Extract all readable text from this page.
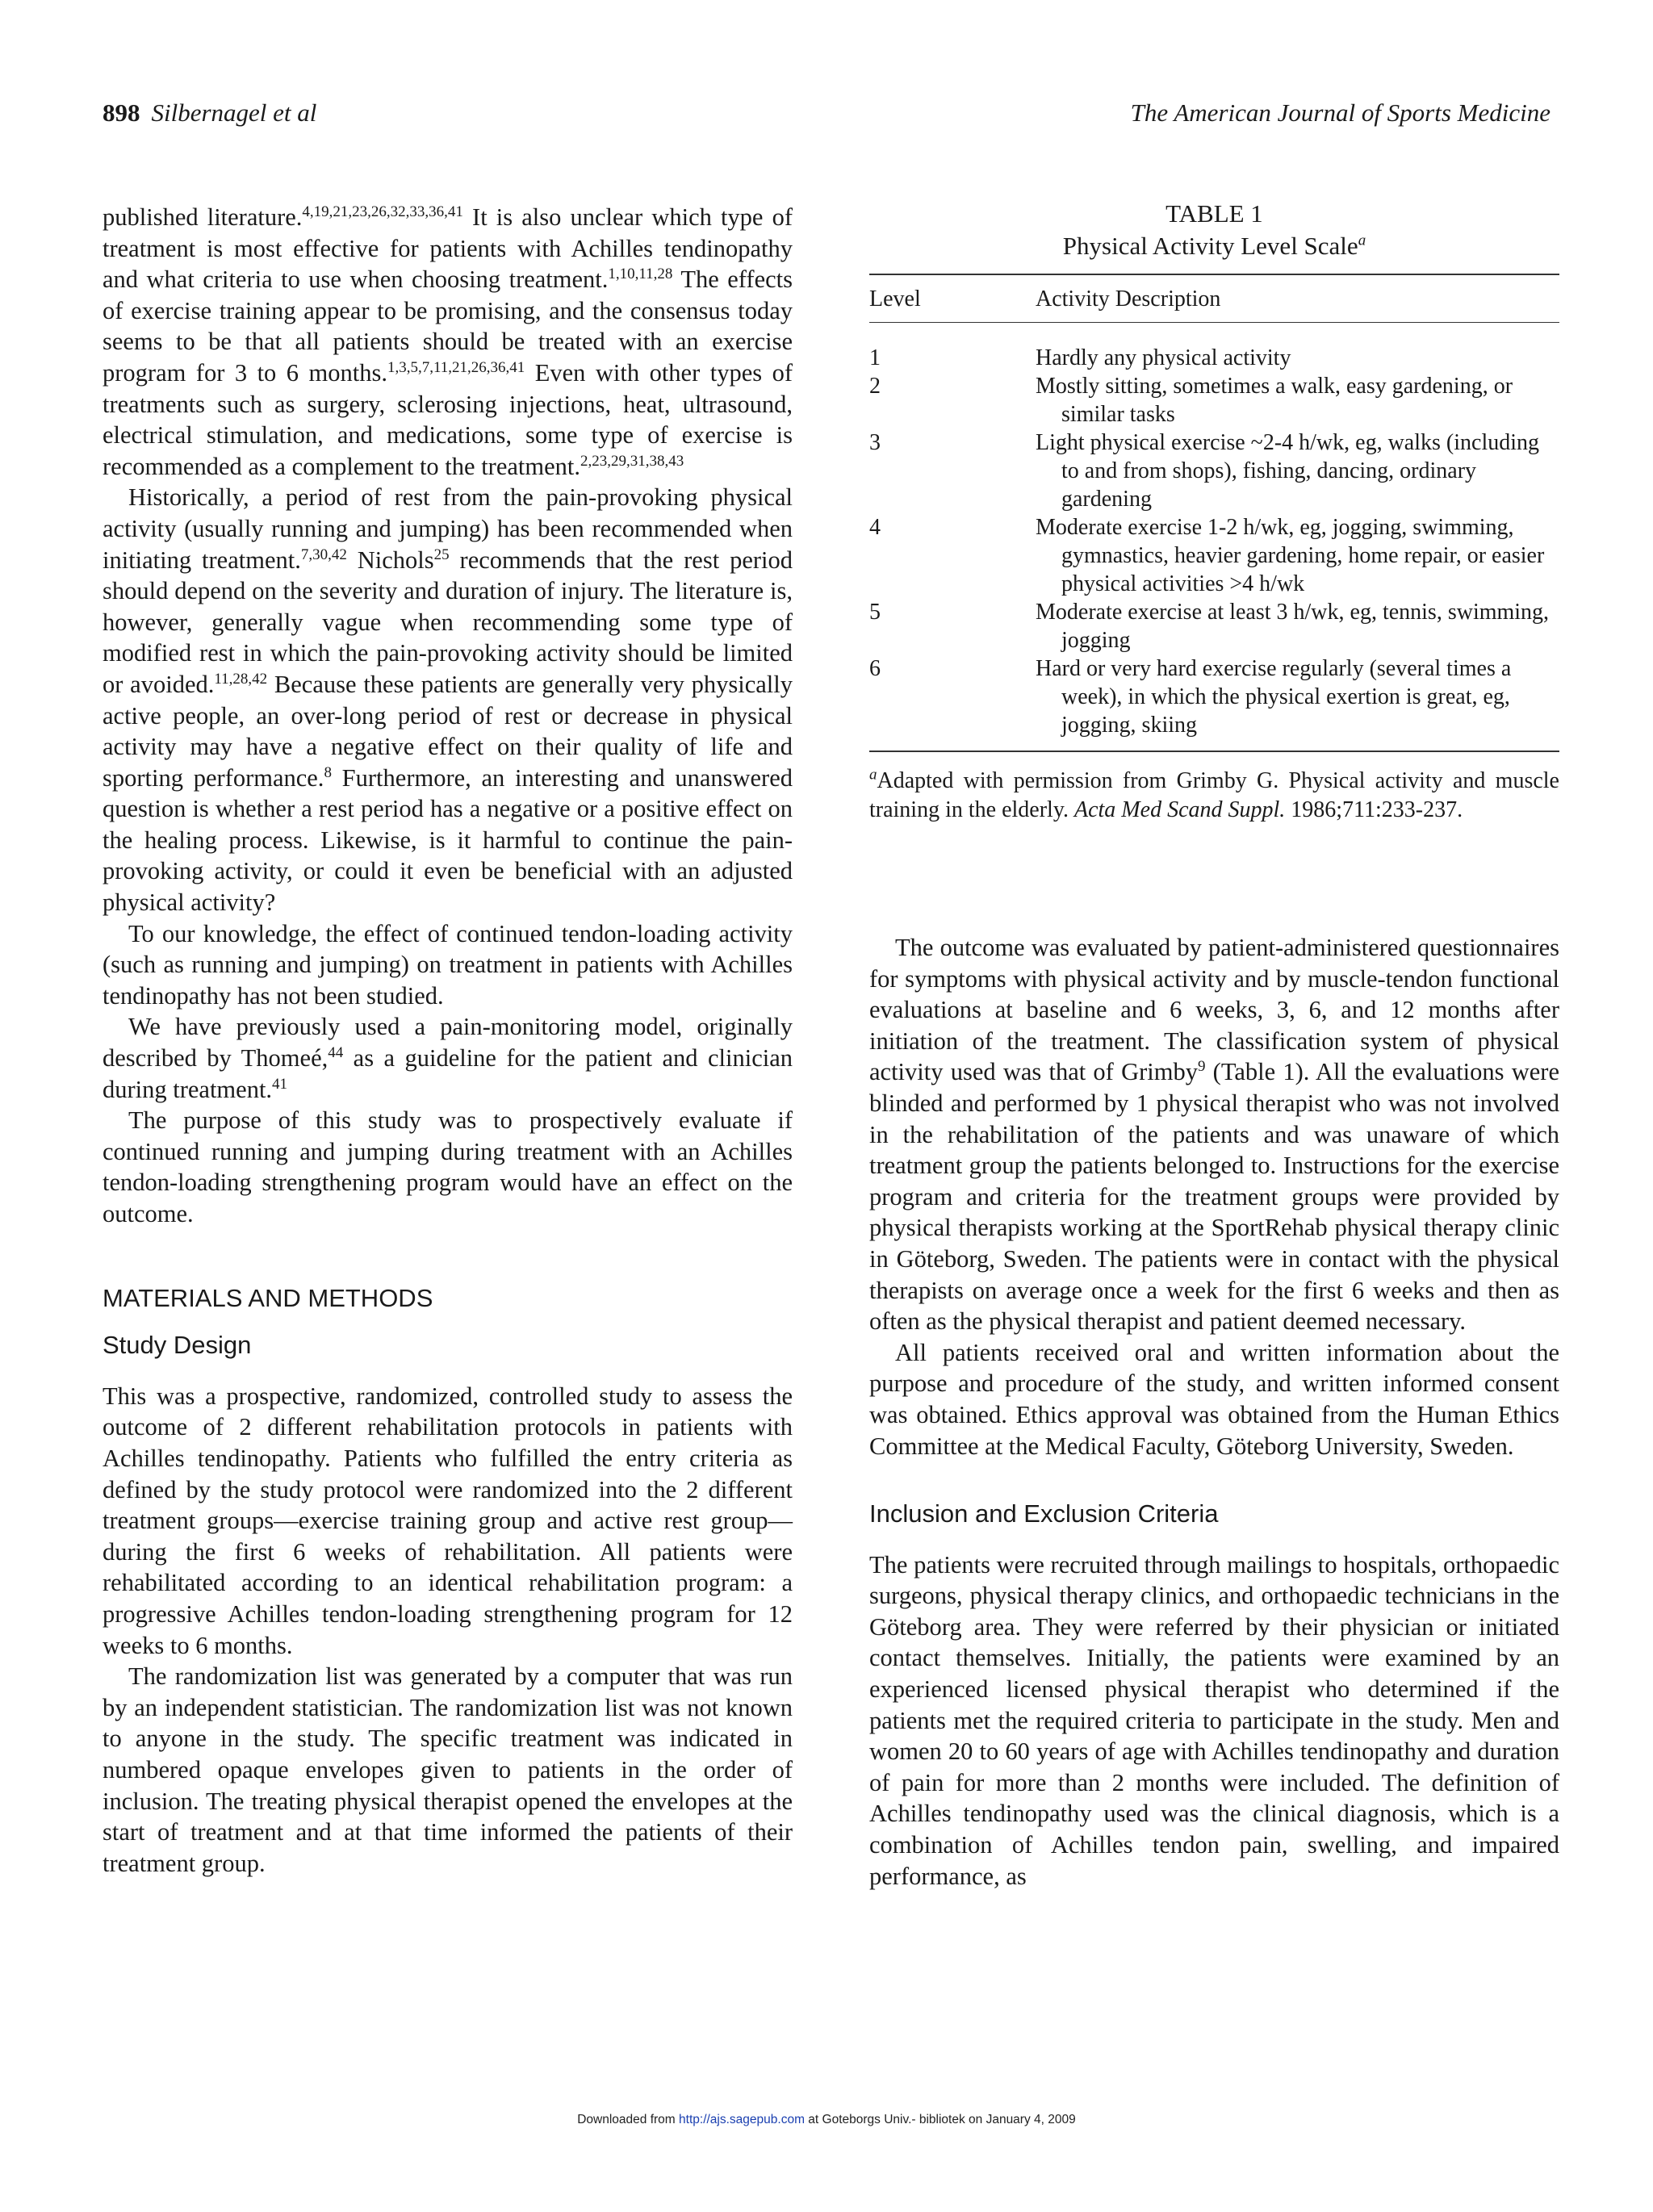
898 Silbernagel et al	The American Journal of Sports Medicine

published literature.$^{4,19,21,23,26,32,33,36,41}$ It is also unclear which type of treatment is most effective for patients with Achilles tendinopathy and what criteria to use when choosing treatment.$^{1,10,11,28}$ The effects of exercise training appear to be promising, and the consensus today seems to be that all patients should be treated with an exercise program for 3 to 6 months.$^{1,3,5,7,11,21,26,36,41}$ Even with other types of treatments such as surgery, sclerosing injections, heat, ultrasound, electrical stimulation, and medications, some type of exercise is recommended as a complement to the treatment.$^{2,23,29,31,38,43}$

Historically, a period of rest from the pain-provoking physical activity (usually running and jumping) has been recommended when initiating treatment.$^{7,30,42}$ Nichols$^{25}$ recommends that the rest period should depend on the severity and duration of injury. The literature is, however, generally vague when recommending some type of modified rest in which the pain-provoking activity should be limited or avoided.$^{11,28,42}$ Because these patients are generally very physically active people, an over-long period of rest or decrease in physical activity may have a negative effect on their quality of life and sporting performance.$^8$ Furthermore, an interesting and unanswered question is whether a rest period has a negative or a positive effect on the healing process. Likewise, is it harmful to continue the pain-provoking activity, or could it even be beneficial with an adjusted physical activity?

To our knowledge, the effect of continued tendon-loading activity (such as running and jumping) on treatment in patients with Achilles tendinopathy has not been studied.

We have previously used a pain-monitoring model, originally described by Thomeé,$^{44}$ as a guideline for the patient and clinician during treatment.$^{41}$

The purpose of this study was to prospectively evaluate if continued running and jumping during treatment with an Achilles tendon-loading strengthening program would have an effect on the outcome.

MATERIALS AND METHODS
Study Design

This was a prospective, randomized, controlled study to assess the outcome of 2 different rehabilitation protocols in patients with Achilles tendinopathy. Patients who fulfilled the entry criteria as defined by the study protocol were randomized into the 2 different treatment groups—exercise training group and active rest group—during the first 6 weeks of rehabilitation. All patients were rehabilitated according to an identical rehabilitation program: a progressive Achilles tendon-loading strengthening program for 12 weeks to 6 months.

The randomization list was generated by a computer that was run by an independent statistician. The randomization list was not known to anyone in the study. The specific treatment was indicated in numbered opaque envelopes given to patients in the order of inclusion. The treating physical therapist opened the envelopes at the start of treatment and at that time informed the patients of their treatment group.

TABLE 1
Physical Activity Level Scale$^a$
Level	Activity Description
1	Hardly any physical activity
2	Mostly sitting, sometimes a walk, easy gardening, or similar tasks
3	Light physical exercise ~2-4 h/wk, eg, walks (including to and from shops), fishing, dancing, ordinary gardening
4	Moderate exercise 1-2 h/wk, eg, jogging, swimming, gymnastics, heavier gardening, home repair, or easier physical activities >4 h/wk
5	Moderate exercise at least 3 h/wk, eg, tennis, swimming, jogging
6	Hard or very hard exercise regularly (several times a week), in which the physical exertion is great, eg, jogging, skiing
$^a$Adapted with permission from Grimby G. Physical activity and muscle training in the elderly. Acta Med Scand Suppl. 1986;711:233-237.

The outcome was evaluated by patient-administered questionnaires for symptoms with physical activity and by muscle-tendon functional evaluations at baseline and 6 weeks, 3, 6, and 12 months after initiation of the treatment. The classification system of physical activity used was that of Grimby$^9$ (Table 1). All the evaluations were blinded and performed by 1 physical therapist who was not involved in the rehabilitation of the patients and was unaware of which treatment group the patients belonged to. Instructions for the exercise program and criteria for the treatment groups were provided by physical therapists working at the SportRehab physical therapy clinic in Göteborg, Sweden. The patients were in contact with the physical therapists on average once a week for the first 6 weeks and then as often as the physical therapist and patient deemed necessary.

All patients received oral and written information about the purpose and procedure of the study, and written informed consent was obtained. Ethics approval was obtained from the Human Ethics Committee at the Medical Faculty, Göteborg University, Sweden.

Inclusion and Exclusion Criteria

The patients were recruited through mailings to hospitals, orthopaedic surgeons, physical therapy clinics, and orthopaedic technicians in the Göteborg area. They were referred by their physician or initiated contact themselves. Initially, the patients were examined by an experienced licensed physical therapist who determined if the patients met the required criteria to participate in the study. Men and women 20 to 60 years of age with Achilles tendinopathy and duration of pain for more than 2 months were included. The definition of Achilles tendinopathy used was the clinical diagnosis, which is a combination of Achilles tendon pain, swelling, and impaired performance, as

Downloaded from http://ajs.sagepub.com at Goteborgs Univ.- bibliotek on January 4, 2009
